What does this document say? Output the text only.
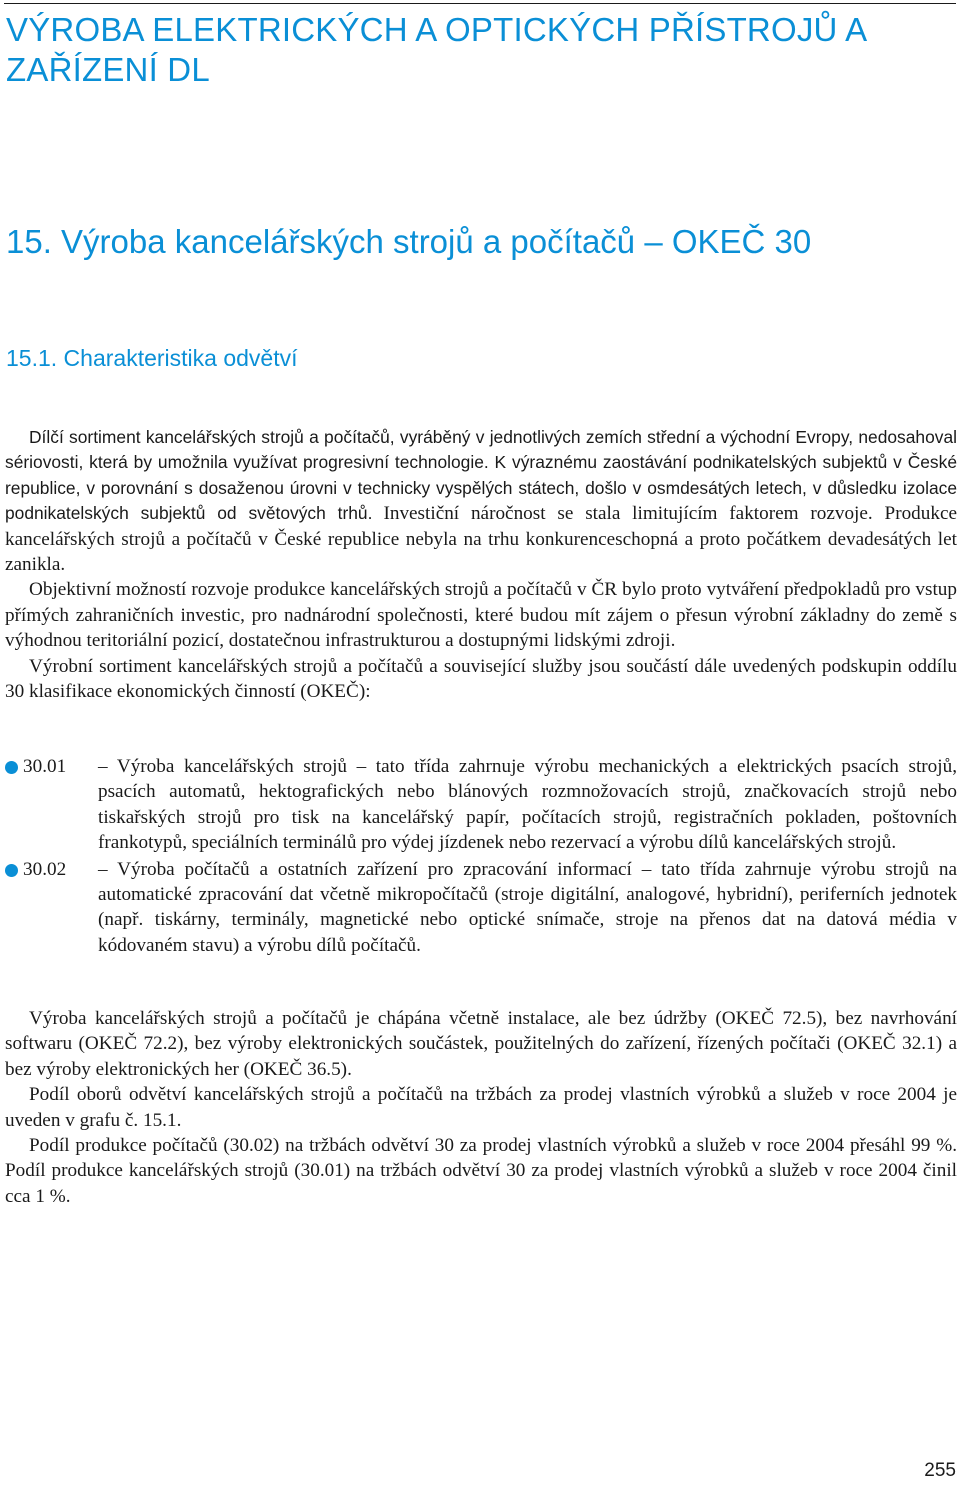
VÝROBA ELEKTRICKÝCH A OPTICKÝCH PŘÍSTROJŮ A ZAŘÍZENÍ DL
15. Výroba kancelářských strojů a počítačů – OKEČ 30
15.1. Charakteristika odvětví

Dílčí sortiment kancelářských strojů a počítačů, vyráběný v jednotlivých zemích střední a východní Evropy, nedosahoval sériovosti, která by umožnila využívat progresivní technologie. K výraznému zaostávání podnikatelských subjektů v České republice, v porovnání s dosaženou úrovni v technicky vyspělých státech, došlo v osmdesátých letech, v důsledku izolace podnikatelských subjektů od světových trhů. Investiční náročnost se stala limitujícím faktorem rozvoje. Produkce kancelářských strojů a počítačů v České republice nebyla na trhu konkurenceschopná a proto počátkem devadesátých let zanikla.

Objektivní možností rozvoje produkce kancelářských strojů a počítačů v ČR bylo proto vytváření předpokladů pro vstup přímých zahraničních investic, pro nadnárodní společnosti, které budou mít zájem o přesun výrobní základny do země s výhodnou teritoriální pozicí, dostatečnou infrastrukturou a dostupnými lidskými zdroji.

Výrobní sortiment kancelářských strojů a počítačů a související služby jsou součástí dále uvedených podskupin oddílu 30 klasifikace ekonomických činností (OKEČ):

30.01 – Výroba kancelářských strojů – tato třída zahrnuje výrobu mechanických a elektrických psacích strojů, psacích automatů, hektografických nebo blánových rozmnožovacích strojů, značkovacích strojů nebo tiskařských strojů pro tisk na kancelářský papír, počítacích strojů, registračních pokladen, poštovních frankotypů, speciálních terminálů pro výdej jízdenek nebo rezervací a výrobu dílů kancelářských strojů.
30.02 – Výroba počítačů a ostatních zařízení pro zpracování informací – tato třída zahrnuje výrobu strojů na automatické zpracování dat včetně mikropočítačů (stroje digitální, analogové, hybridní), periferních jednotek (např. tiskárny, terminály, magnetické nebo optické snímače, stroje na přenos dat na datová média v kódovaném stavu) a výrobu dílů počítačů.

Výroba kancelářských strojů a počítačů je chápána včetně instalace, ale bez údržby (OKEČ 72.5), bez navrhování softwaru (OKEČ 72.2), bez výroby elektronických součástek, použitelných do zařízení, řízených počítači (OKEČ 32.1) a bez výroby elektronických her (OKEČ 36.5).

Podíl oborů odvětví kancelářských strojů a počítačů na tržbách za prodej vlastních výrobků a služeb v roce 2004 je uveden v grafu č. 15.1.

Podíl produkce počítačů (30.02) na tržbách odvětví 30 za prodej vlastních výrobků a služeb v roce 2004 přesáhl 99 %. Podíl produkce kancelářských strojů (30.01) na tržbách odvětví 30 za prodej vlastních výrobků a služeb v roce 2004 činil cca 1 %.

255
